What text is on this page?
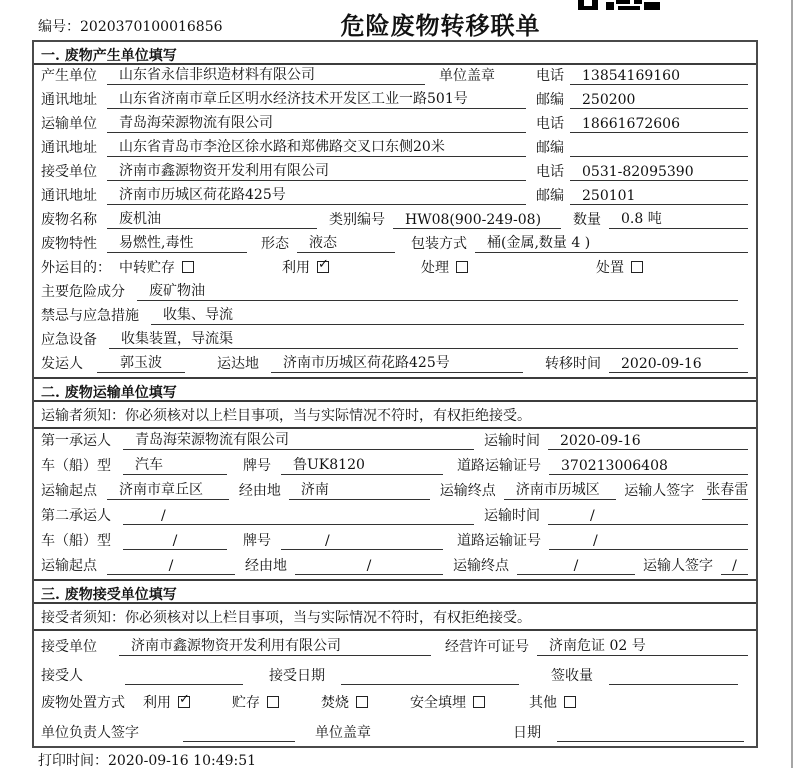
编号：2020370100016856	危险废物转移联单
一. 废物产生单位填写
产生单位	山东省永信非织造材料有限公司	单位盖章	电话	13854169160
通讯地址	山东省济南市章丘区明水经济技术开发区工业一路501号	邮编	250200
运输单位	青岛海荣源物流有限公司	电话	18661672606
通讯地址	山东省青岛市李沧区徐水路和郑佛路交叉口东侧20米	邮编
接受单位	济南市鑫源物资开发利用有限公司	电话	0531-82095390
通讯地址	济南市历城区荷花路425号	邮编	250101
废物名称	废机油	类别编号	HW08(900-249-08)	数量	0.8 吨
废物特性	易燃性,毒性	形态	液态	包装方式	桶(金属,数量 4 )
外运目的： 中转贮存	利用 ✓	处理	处置
主要危险成分	废矿物油
禁忌与应急措施	收集、导流
应急设备	收集装置，导流渠
发运人	郭玉波	运达地	济南市历城区荷花路425号	转移时间	2020-09-16
二. 废物运输单位填写
运输者须知：你必须核对以上栏目事项，当与实际情况不符时，有权拒绝接受。
第一承运人	青岛海荣源物流有限公司	运输时间	2020-09-16
车（船）型	汽车	牌号	鲁UK8120	道路运输证号	370213006408
运输起点	济南市章丘区	经由地	济南	运输终点	济南市历城区	运输人签字 张春雷
第二承运人	/	运输时间	/
车（船）型	/	牌号	/	道路运输证号	/
运输起点	/	经由地	/	运输终点	/	运输人签字	/
三. 废物接受单位填写
接受者须知：你必须核对以上栏目事项，当与实际情况不符时，有权拒绝接受。
接受单位	济南市鑫源物资开发利用有限公司	经营许可证号	济南危证 02 号
接受人	接受日期	签收量
废物处置方式 利用 ✓	贮存	焚烧	安全填埋	其他
单位负责人签字	单位盖章	日期
打印时间：2020-09-16 10:49:51
